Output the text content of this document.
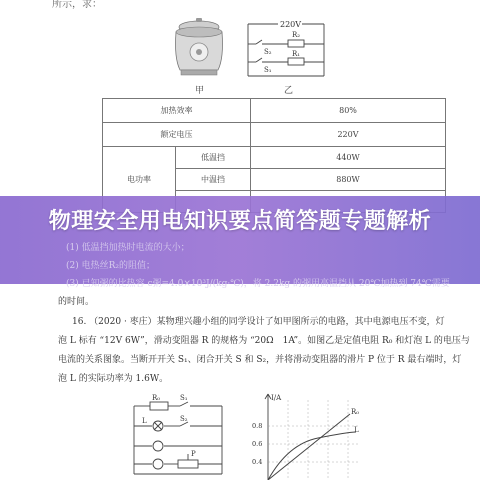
所示，求：
220V
S₂
R₂
S₁
R₁
甲	乙
加热效率		80%
额定电压		220V
电功率	低温挡	440W
	中温挡	880W

(1) 低温挡加热时电流的大小；
(2) 电热丝R₂的阻值；
(3) 已知粥的比热容 c粥=4.0×10³J/(kg·℃)，将 2.2kg 的粥用高温挡从 20℃加热到 74℃需要
物理安全用电知识要点简答题专题解析
的时间。
16. （2020 · 枣庄）某物理兴趣小组的同学设计了如甲图所示的电路，其中电源电压不变，灯
泡 L 标有 “12V 6W”，滑动变阻器 R 的规格为 “20Ω　1A”。如图乙是定值电阻 R₀ 和灯泡 L 的电压与
电流的关系图象。当断开开关 S₁、闭合开关 S 和 S₂，并将滑动变阻器的滑片 P 位于 R 最右端时，灯
泡 L 的实际功率为 1.6W。
R₀	S₁
L	S₂
P
I/A
0.8
0.6
0.4
R₀
L
